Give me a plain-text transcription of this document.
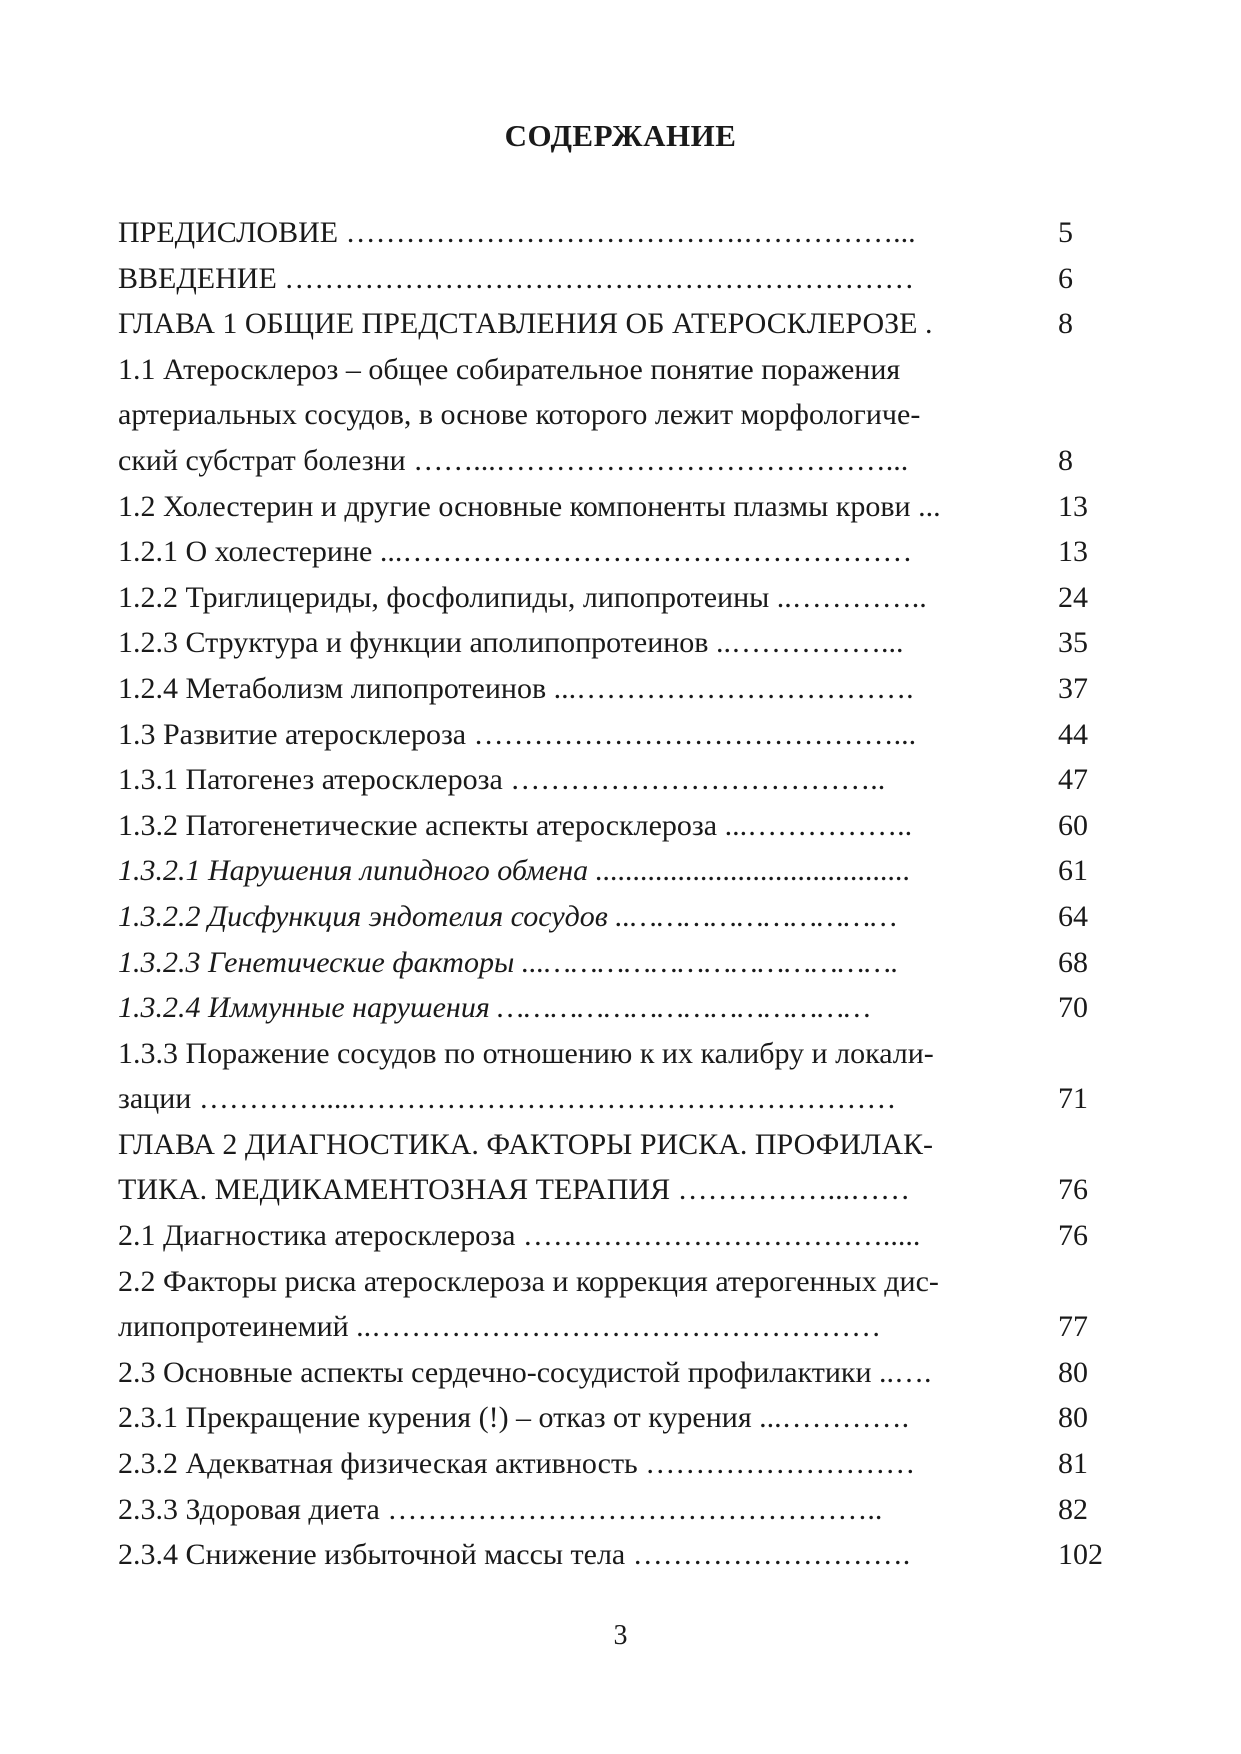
СОДЕРЖАНИЕ
ПРЕДИСЛОВИЕ ………………………………….……………...	5
ВВЕДЕНИЕ ………………………………………………………	6
ГЛАВА 1 ОБЩИЕ ПРЕДСТАВЛЕНИЯ ОБ АТЕРОСКЛЕРОЗЕ .	8
1.1 Атеросклероз – общее собирательное понятие поражения
артериальных сосудов, в основе которого лежит морфологиче-
ский субстрат болезни ……...…………………………………...	8
1.2 Холестерин и другие основные компоненты плазмы крови ...	13
1.2.1 О холестерине ...……………………………………………	13
1.2.2 Триглицериды, фосфолипиды, липопротеины ..…………..	24
1.2.3 Структура и функции аполипопротеинов ..……………...	35
1.2.4 Метаболизм липопротеинов ...…………………………….	37
1.3 Развитие атеросклероза ……………………………………...	44
1.3.1 Патогенез атеросклероза ………………………………..	47
1.3.2 Патогенетические аспекты атеросклероза ...……………..	60
1.3.2.1 Нарушения липидного обмена ..........................................	61
1.3.2.2 Дисфункция эндотелия сосудов ..…………………………	64
1.3.2.3 Генетические факторы ...………………………………….	68
1.3.2.4 Иммунные нарушения ……………………………………	70
1.3.3 Поражение сосудов по отношению к их калибру и локали-
зации ………….....………………………………………………	71
ГЛАВА 2 ДИАГНОСТИКА. ФАКТОРЫ РИСКА. ПРОФИЛАК-
ТИКА. МЕДИКАМЕНТОЗНАЯ ТЕРАПИЯ ……………...……	76
2.1 Диагностика атеросклероза ……………………………….....	76
2.2 Факторы риска атеросклероза и коррекция атерогенных дис-
липопротеинемий ..……………………………………………	77
2.3 Основные аспекты сердечно-сосудистой профилактики ..….	80
2.3.1 Прекращение курения (!) – отказ от курения ...………….	80
2.3.2 Адекватная физическая активность ………………………	81
2.3.3 Здоровая диета …………………………………………..	82
2.3.4 Снижение избыточной массы тела ……………………….	102
3
